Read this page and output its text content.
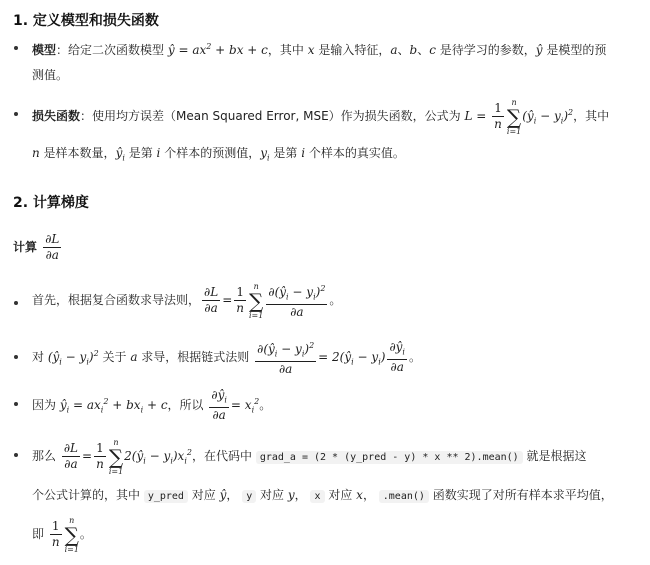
1. 定义模型和损失函数
模型：给定二次函数模型 ŷ = $ax^2$ + bx + c，其中 x 是输入特征，a、b、c 是待学习的参数，ŷ 是模型的预
测值。
损失函数：使用均方误差（Mean Squared Error, MSE）作为损失函数，公式为 $L = \frac{1}{n}$ n
∑
i=1
$(ŷ_i - y_i)^2$，其中
n 是样本数量，$ŷ_i$ 是第 i 个样本的预测值，$y_i$ 是第 i 个样本的真实值。
2. 计算梯度
计算 $\frac{\partial L}{\partial a}$
首先，根据复合函数求导法则， $\frac{\partial L}{\partial a} = \frac{1}{n}$ n
∑
$i=1 \frac{\partial(ŷ_i - y_i)^2}{\partial a}$ 。
对 $(ŷ_i - y_i)^2$ 关于 a 求导，根据链式法则 $\frac{\partial(ŷ_i - y_i)^2}{\partial a}$ = $2(ŷ_i - y_i) \frac{\partial ŷ_i}{\partial a}$ 。
因为 $ŷ_i = ax_i^2 + bx_i + c$，所以 $\frac{\partial ŷ_i}{\partial a} = x_i^2$。
那么 $\frac{\partial L}{\partial a} = \frac{1}{n}$ n
∑
i=1
$2(ŷ_i - y_i)x_i^2$，在代码中 grad_a = (2 * (y_pred - y) * x ** 2).mean() 就是根据这
个公式计算的，其中 y_pred 对应 ŷ， y 对应 y， x 对应 x， .mean() 函数实现了对所有样本求平均值，
即 $\frac{1}{n}$ n
∑
i=1
。
